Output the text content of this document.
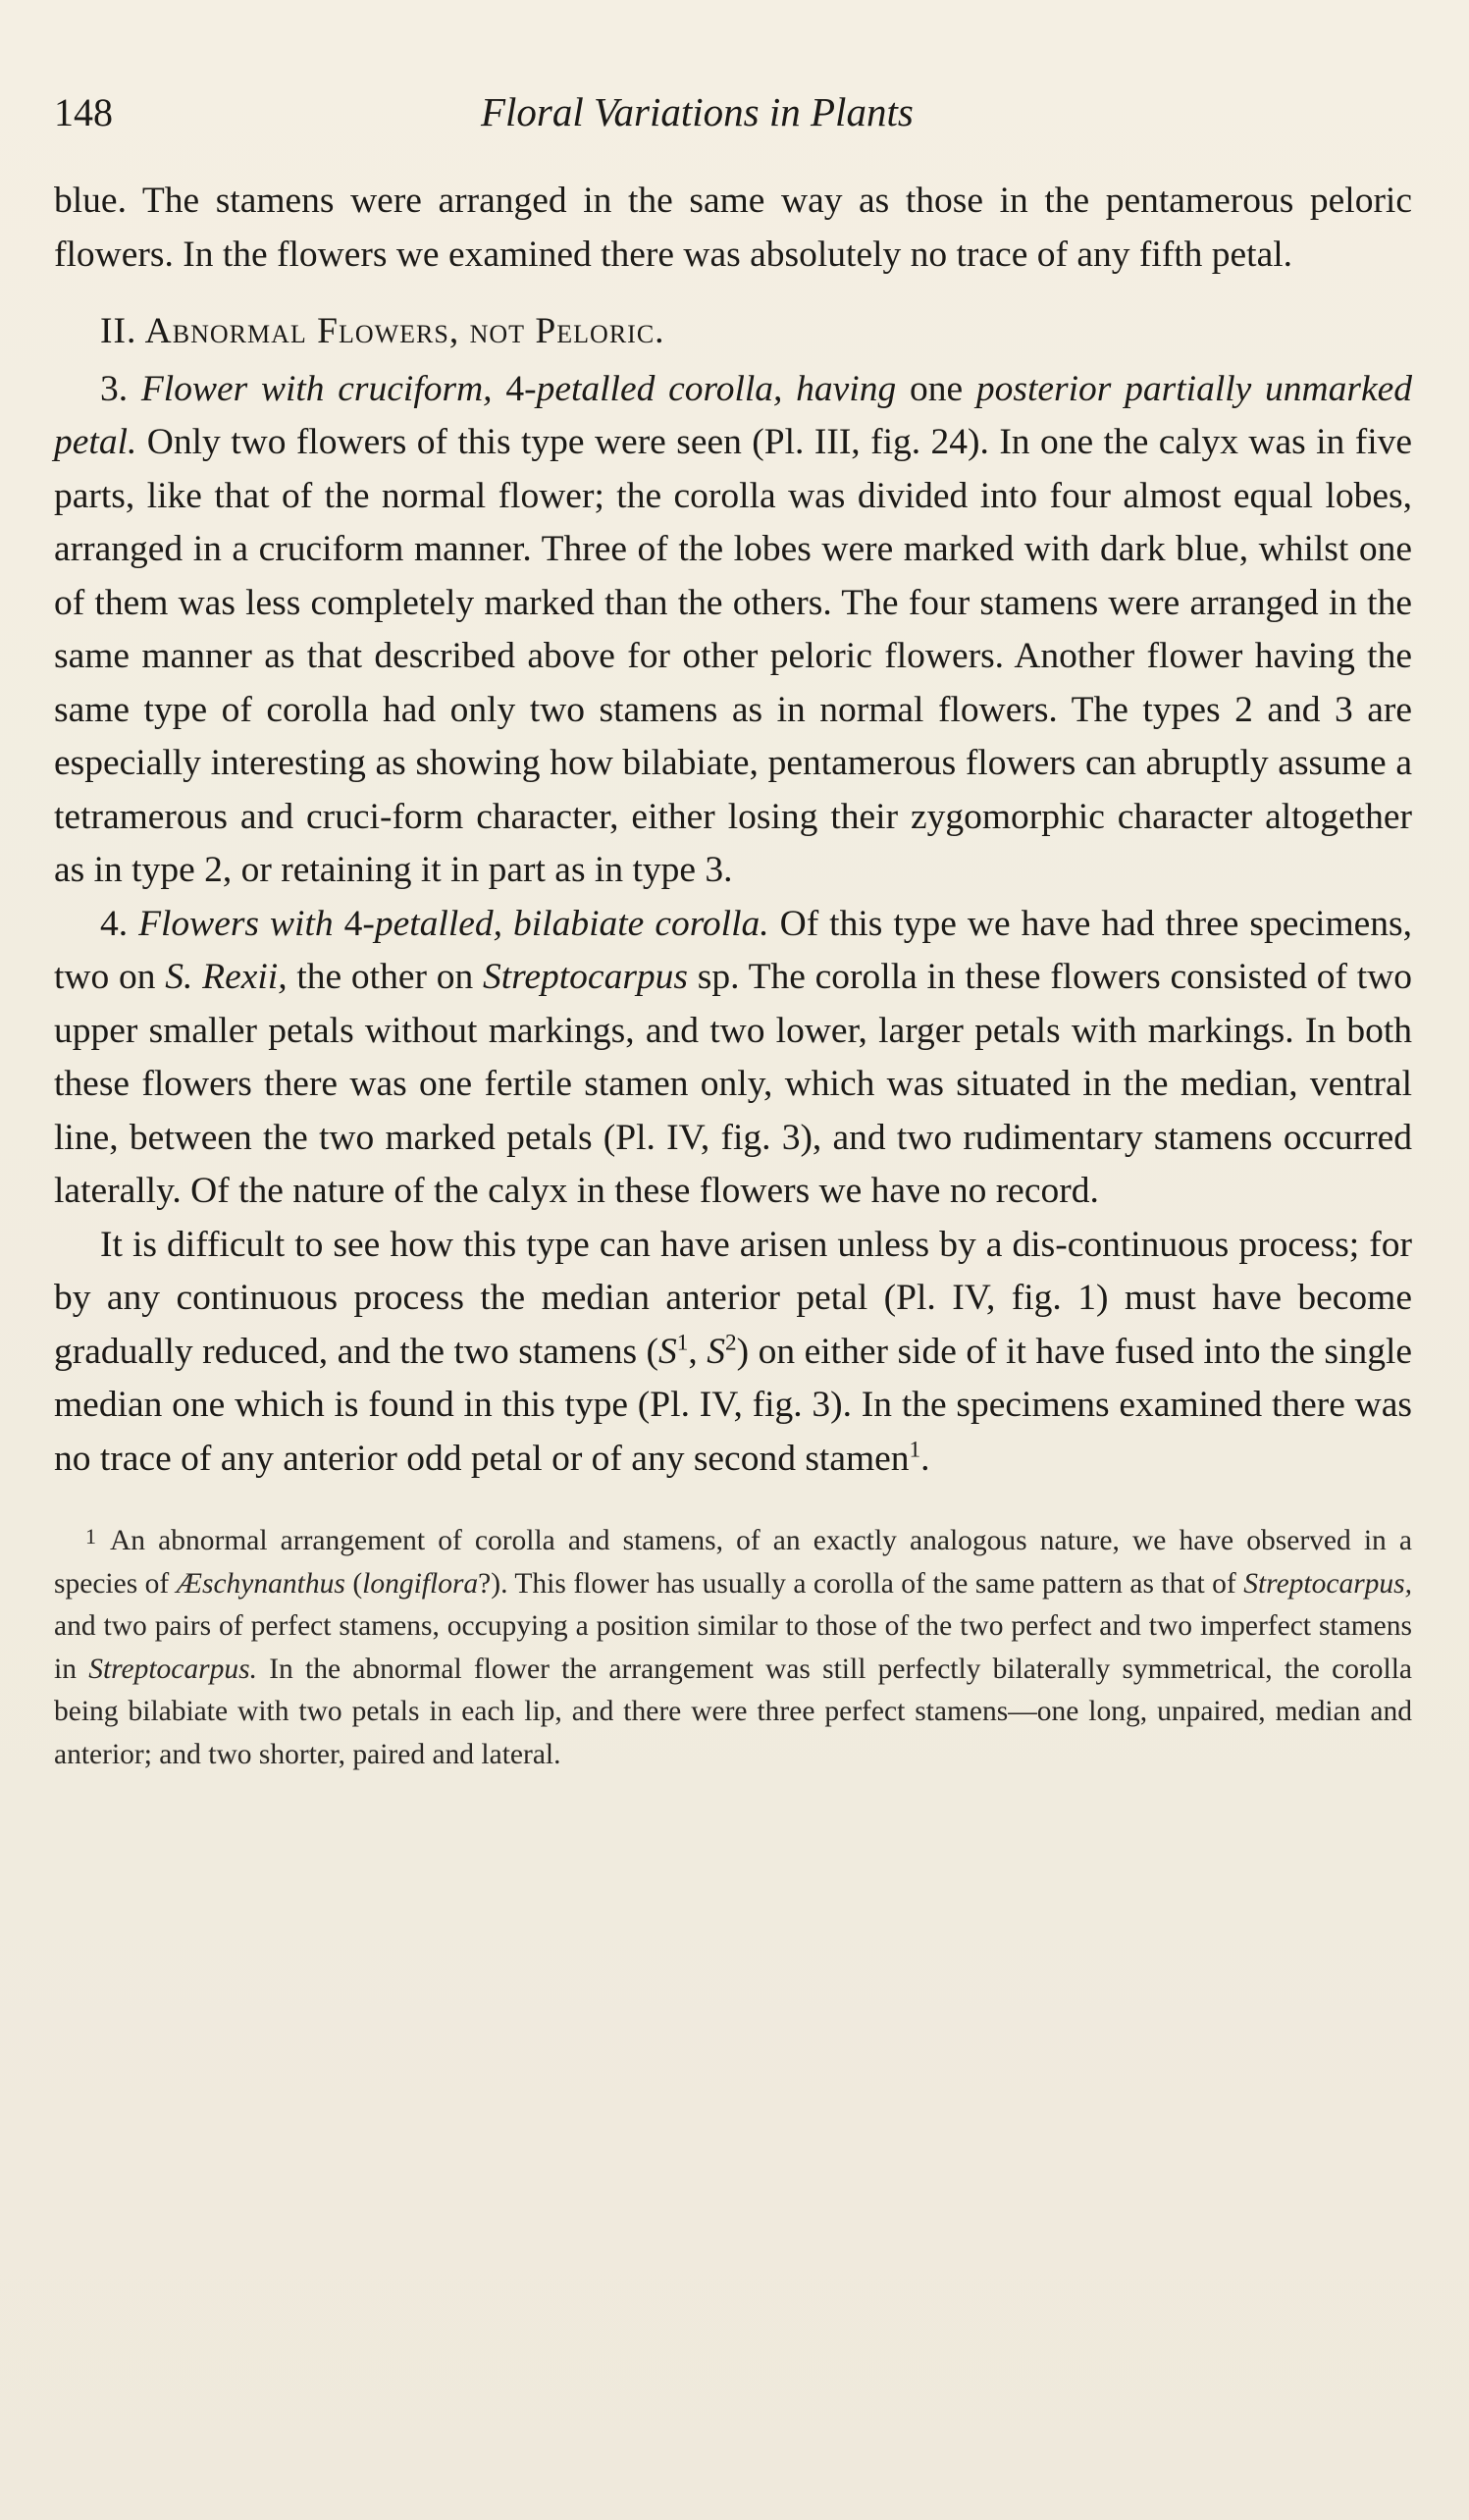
148	Floral Variations in Plants

blue. The stamens were arranged in the same way as those in the pentamerous peloric flowers. In the flowers we examined there was absolutely no trace of any fifth petal.

II. Abnormal Flowers, not Peloric.

3. Flower with cruciform, 4-petalled corolla, having one posterior partially unmarked petal. Only two flowers of this type were seen (Pl. III, fig. 24). In one the calyx was in five parts, like that of the normal flower; the corolla was divided into four almost equal lobes, arranged in a cruciform manner. Three of the lobes were marked with dark blue, whilst one of them was less completely marked than the others. The four stamens were arranged in the same manner as that described above for other peloric flowers. Another flower having the same type of corolla had only two stamens as in normal flowers. The types 2 and 3 are especially interesting as showing how bilabiate, pentamerous flowers can abruptly assume a tetramerous and cruci-form character, either losing their zygomorphic character altogether as in type 2, or retaining it in part as in type 3.

4. Flowers with 4-petalled, bilabiate corolla. Of this type we have had three specimens, two on S. Rexii, the other on Streptocarpus sp. The corolla in these flowers consisted of two upper smaller petals without markings, and two lower, larger petals with markings. In both these flowers there was one fertile stamen only, which was situated in the median, ventral line, between the two marked petals (Pl. IV, fig. 3), and two rudimentary stamens occurred laterally. Of the nature of the calyx in these flowers we have no record.

It is difficult to see how this type can have arisen unless by a dis-continuous process; for by any continuous process the median anterior petal (Pl. IV, fig. 1) must have become gradually reduced, and the two stamens ($S^1$, $S^2$) on either side of it have fused into the single median one which is found in this type (Pl. IV, fig. 3). In the specimens examined there was no trace of any anterior odd petal or of any second stamen$^1$.

$^1$ An abnormal arrangement of corolla and stamens, of an exactly analogous nature, we have observed in a species of Æschynanthus (longiflora?). This flower has usually a corolla of the same pattern as that of Streptocarpus, and two pairs of perfect stamens, occupying a position similar to those of the two perfect and two imperfect stamens in Streptocarpus. In the abnormal flower the arrangement was still perfectly bilaterally symmetrical, the corolla being bilabiate with two petals in each lip, and there were three perfect stamens—one long, unpaired, median and anterior; and two shorter, paired and lateral.
